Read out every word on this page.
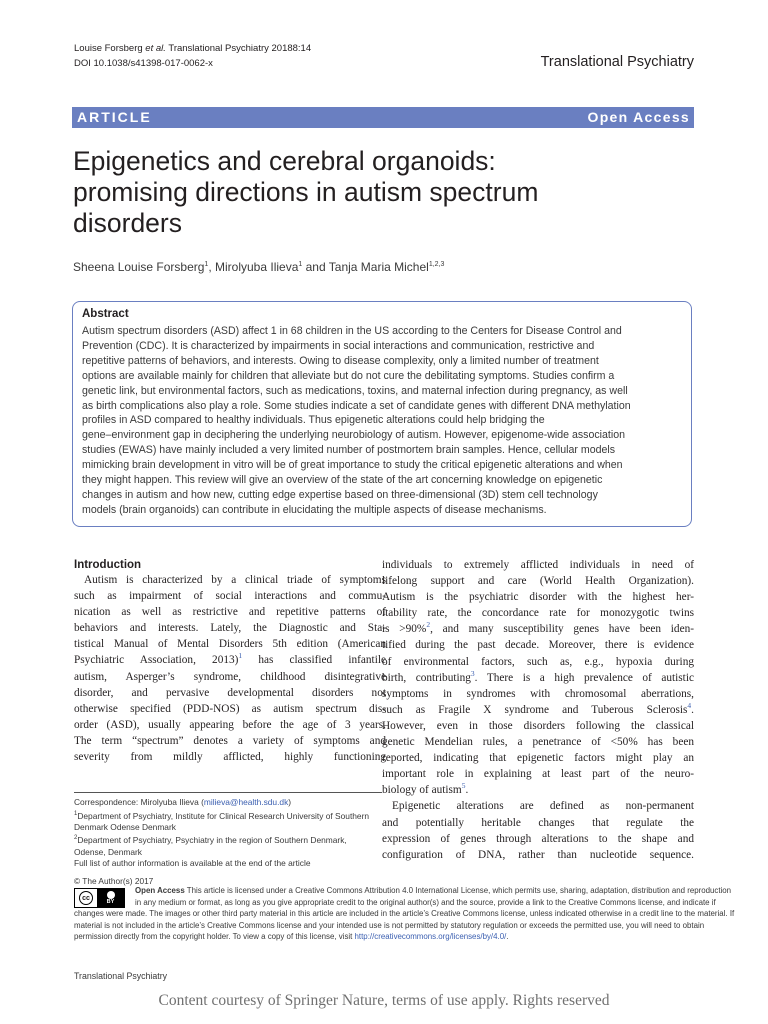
Louise Forsberg et al. Translational Psychiatry 20188:14
DOI 10.1038/s41398-017-0062-x	Translational Psychiatry
ARTICLE	Open Access
Epigenetics and cerebral organoids:
promising directions in autism spectrum
disorders
Sheena Louise Forsberg$^1$, Mirolyuba Ilieva$^1$ and Tanja Maria Michel$^{1,2,3}$
Abstract
Autism spectrum disorders (ASD) affect 1 in 68 children in the US according to the Centers for Disease Control and
Prevention (CDC). It is characterized by impairments in social interactions and communication, restrictive and
repetitive patterns of behaviors, and interests. Owing to disease complexity, only a limited number of treatment
options are available mainly for children that alleviate but do not cure the debilitating symptoms. Studies confirm a
genetic link, but environmental factors, such as medications, toxins, and maternal infection during pregnancy, as well
as birth complications also play a role. Some studies indicate a set of candidate genes with different DNA methylation
profiles in ASD compared to healthy individuals. Thus epigenetic alterations could help bridging the
gene–environment gap in deciphering the underlying neurobiology of autism. However, epigenome-wide association
studies (EWAS) have mainly included a very limited number of postmortem brain samples. Hence, cellular models
mimicking brain development in vitro will be of great importance to study the critical epigenetic alterations and when
they might happen. This review will give an overview of the state of the art concerning knowledge on epigenetic
changes in autism and how new, cutting edge expertise based on three-dimensional (3D) stem cell technology
models (brain organoids) can contribute in elucidating the multiple aspects of disease mechanisms.
Introduction
Autism is characterized by a clinical triade of symptoms
such as impairment of social interactions and commu-
nication as well as restrictive and repetitive patterns of
behaviors and interests. Lately, the Diagnostic and Sta-
tistical Manual of Mental Disorders 5th edition (American
Psychiatric Association, 2013)$^1$ has classified infantile
autism, Asperger’s syndrome, childhood disintegrative
disorder, and pervasive developmental disorders not
otherwise specified (PDD-NOS) as autism spectrum dis-
order (ASD), usually appearing before the age of 3 years.
The term “spectrum” denotes a variety of symptoms and
severity from mildly afflicted, highly functioning
individuals to extremely afflicted individuals in need of
lifelong support and care (World Health Organization).
Autism is the psychiatric disorder with the highest her-
itability rate, the concordance rate for monozygotic twins
is >90%$^2$, and many susceptibility genes have been iden-
tified during the past decade. Moreover, there is evidence
of environmental factors, such as, e.g., hypoxia during
birth, contributing$^3$. There is a high prevalence of autistic
symptoms in syndromes with chromosomal aberrations,
such as Fragile X syndrome and Tuberous Sclerosis$^4$.
However, even in those disorders following the classical
genetic Mendelian rules, a penetrance of <50% has been
reported, indicating that epigenetic factors might play an
important role in explaining at least part of the neuro-
biology of autism$^5$.
Epigenetic alterations are defined as non-permanent
and potentially heritable changes that regulate the
expression of genes through alterations to the shape and
configuration of DNA, rather than nucleotide sequence.
Correspondence: Mirolyuba Ilieva (milieva@health.sdu.dk)
$^1$Department of Psychiatry, Institute for Clinical Research University of Southern
Denmark Odense Denmark
$^2$Department of Psychiatry, Psychiatry in the region of Southern Denmark,
Odense, Denmark
Full list of author information is available at the end of the article
© The Author(s) 2017
cc	BY
Open Access This article is licensed under a Creative Commons Attribution 4.0 International License, which permits use, sharing, adaptation, distribution and reproduction
in any medium or format, as long as you give appropriate credit to the original author(s) and the source, provide a link to the Creative Commons license, and indicate if
changes were made. The images or other third party material in this article are included in the article’s Creative Commons license, unless indicated otherwise in a credit line to the material. If
material is not included in the article’s Creative Commons license and your intended use is not permitted by statutory regulation or exceeds the permitted use, you will need to obtain
permission directly from the copyright holder. To view a copy of this license, visit http://creativecommons.org/licenses/by/4.0/.
Translational Psychiatry
Content courtesy of Springer Nature, terms of use apply. Rights reserved
